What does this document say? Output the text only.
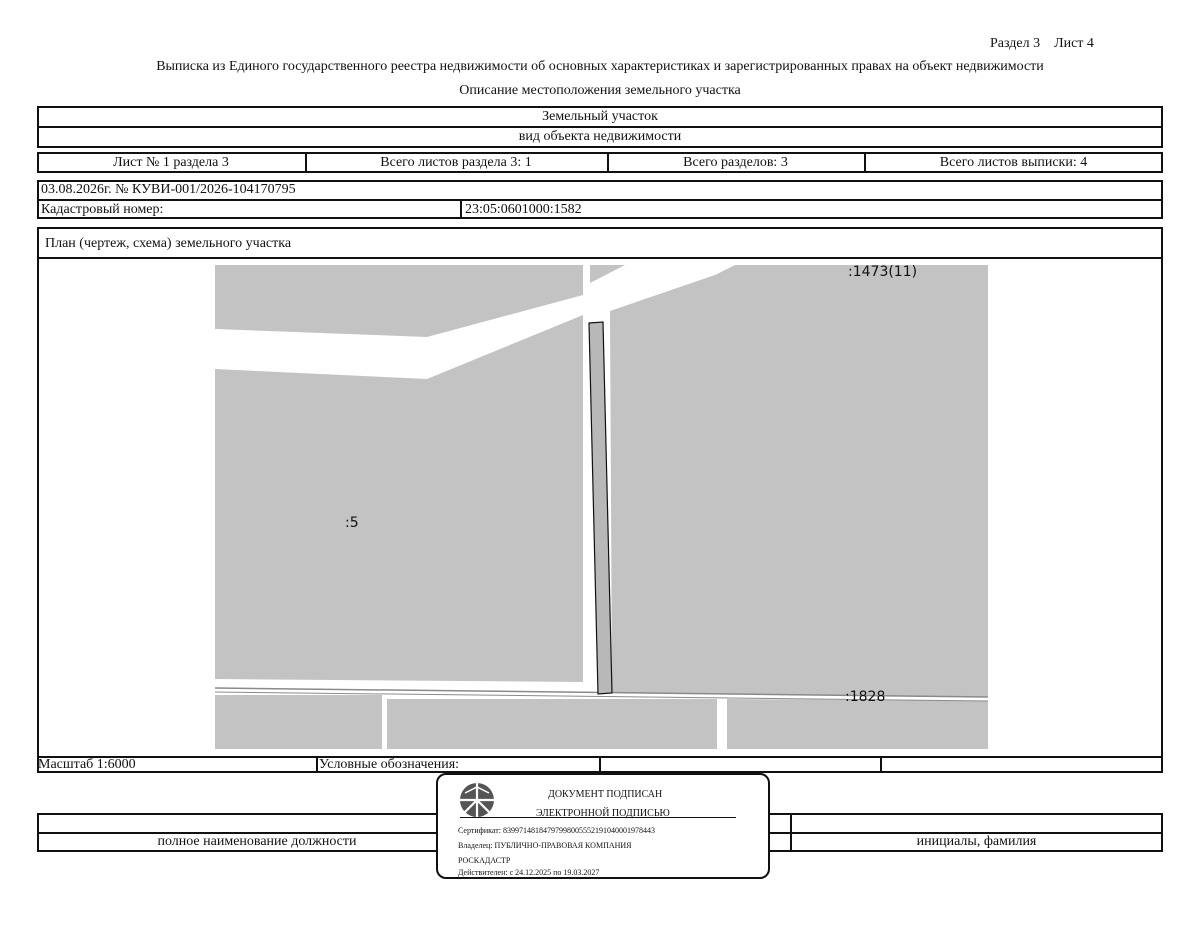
Раздел 3 Лист 4
Выписка из Единого государственного реестра недвижимости об основных характеристиках и зарегистрированных правах на объект недвижимости
Описание местоположения земельного участка
Земельный участок
вид объекта недвижимости
Лист № 1 раздела 3	Всего листов раздела 3: 1	Всего разделов: 3	Всего листов выписки: 4
03.08.2026г. № КУВИ-001/2026-104170795
Кадастровый номер:	23:05:0601000:1582
План (чертеж, схема) земельного участка
:5
:1473(11)
:1828
Масштаб 1:6000	Условные обозначения:
полное наименование должности	инициалы, фамилия
ДОКУМЕНТ ПОДПИСАН
ЭЛЕКТРОННОЙ ПОДПИСЬЮ
Сертификат: 83997148184797998005552191040001978443
Владелец: ПУБЛИЧНО-ПРАВОВАЯ КОМПАНИЯ
РОСКАДАСТР
Действителен: с 24.12.2025 по 19.03.2027
